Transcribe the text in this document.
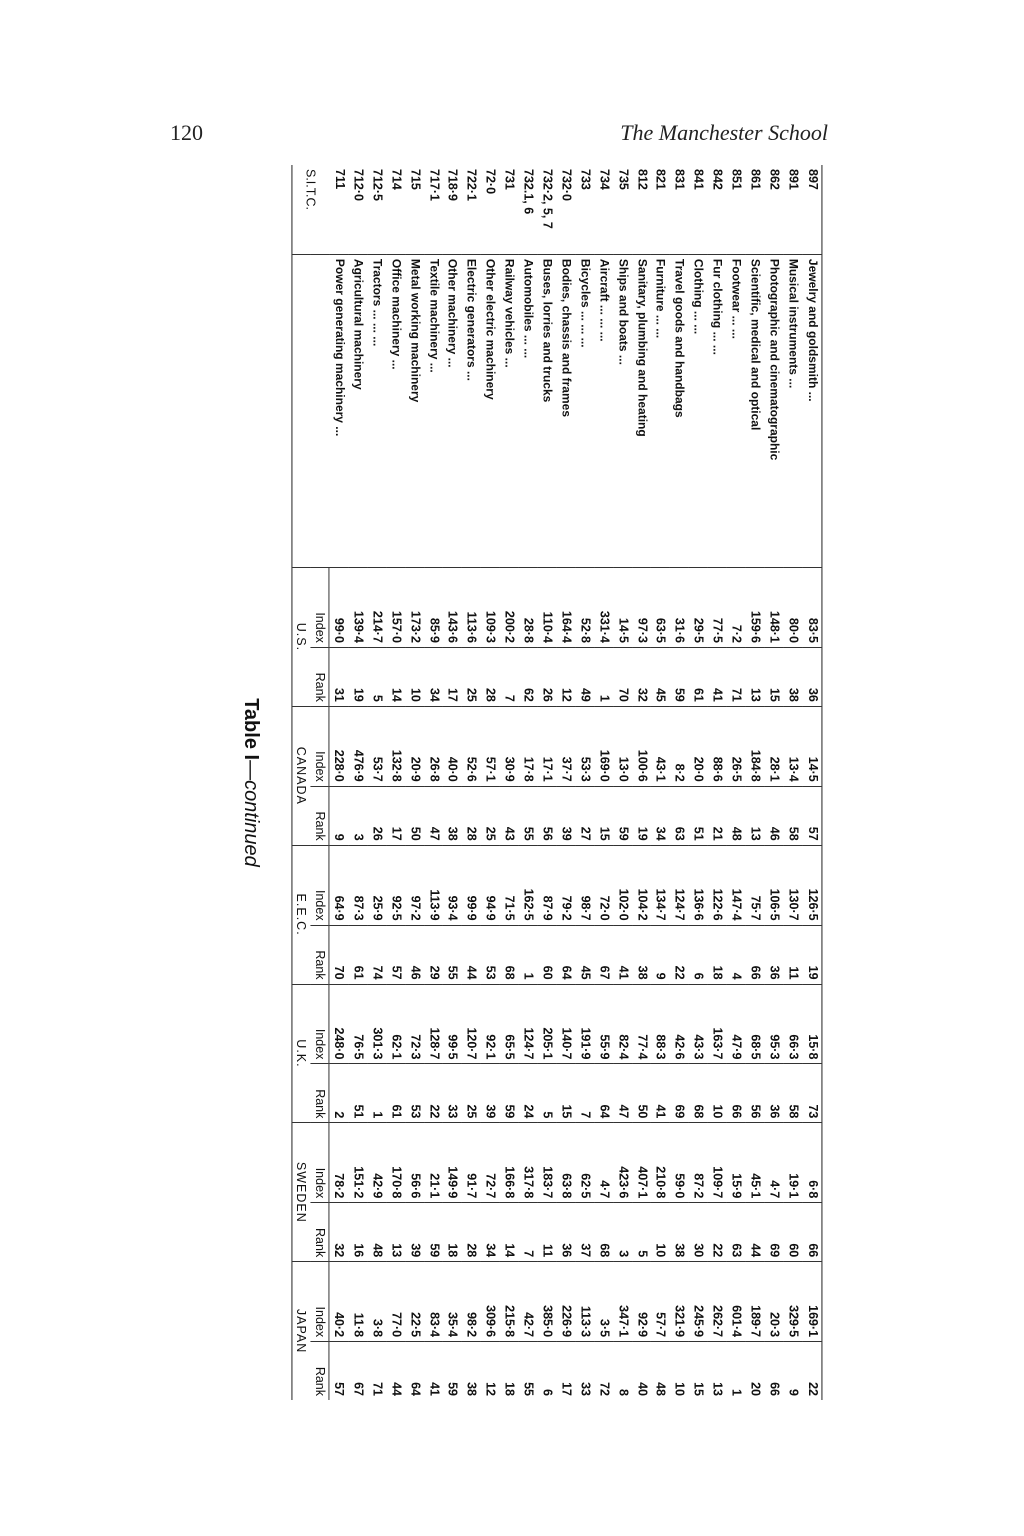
120	The Manchester School
Table I—continued
S.I.T.C.		U.S.		CANADA		E.E.C.		U.K.		SWEDEN		JAPAN	
		Index	Rank	Index	Rank	Index	Rank	Index	Rank	Index	Rank	Index	Rank
711	Power generating machinery ...	99·0	31	228·0	9	64·9	70	248·0	2	78·2	32	40·2	57
712·0	Agricultural machinery	139·4	19	476·9	3	87·3	61	76·5	51	151·2	16	11·8	67
712·5	Tractors ... ... ...	214·7	5	53·7	26	25·9	74	301·3	1	42·9	48	3·8	71
714	Office machinery ...	157·0	14	132·8	17	92·5	57	62·1	61	170·8	13	77·0	44
715	Metal working machinery	173·2	10	20·9	50	97·2	46	72·3	53	56·6	39	22·5	64
717·1	Textile machinery ...	85·9	34	26·8	47	113·9	29	128·7	22	21·1	59	83·4	41
718·9	Other machinery ...	143·6	17	40·0	38	93·4	55	99·5	33	149·9	18	35·4	59
722·1	Electric generators ...	113·6	25	52·6	28	99·9	44	120·7	25	91·7	28	98·2	38
72·0	Other electric machinery	109·3	28	57·1	25	94·9	53	92·1	39	72·7	34	309·6	12
731	Railway vehicles ...	200·2	7	30·9	43	71·5	68	65·5	59	166·8	14	215·8	18
732.1, 6	Automobiles ... ...	28·8	62	17·8	55	162·5	1	124·7	24	317·8	7	42·7	55
732·2, 5, 7	Buses, lorries and trucks	110·4	26	17·1	56	87·9	60	205·1	5	183·7	11	385·0	6
732·0	Bodies, chassis and frames	164·4	12	37·7	39	79·2	64	140·7	15	63·8	36	226·9	17
733	Bicycles ... ... ...	52·8	49	53·3	27	98·7	45	191·9	7	62·5	37	113·3	33
734	Aircraft ... ... ...	331·4	1	169·0	15	72·0	67	55·9	64	4·7	68	3·5	72
735	Ships and boats ...	14·5	70	13·0	59	102·0	41	82·4	47	423·6	3	347·1	8
812	Sanitary, plumbing and heating	97·3	32	100·6	19	104·2	38	77·4	50	407·1	5	92·9	40
821	Furniture ... ...	63·5	45	43·1	34	134·7	9	88·3	41	210·8	10	57·7	48
831	Travel goods and handbags	31·6	59	8·2	63	124·7	22	42·6	69	59·0	38	321·9	10
841	Clothing ... ...	29·5	61	20·0	51	136·6	6	43·3	68	87·2	30	245·9	15
842	Fur clothing ... ...	77·5	41	88·6	21	122·6	18	163·7	10	109·7	22	262·7	13
851	Footwear ... ...	7·2	71	26·5	48	147·4	4	47·9	66	15·9	63	601·4	1
861	Scientific, medical and optical	159·6	13	184·8	13	75·7	66	68·5	56	45·1	44	189·7	20
862	Photographic and cinematographic	148·1	15	28·1	46	106·5	36	95·3	36	4·7	69	20·3	66
891	Musical instruments ...	80·0	38	13·4	58	130·7	11	66·3	58	19·1	60	329·5	9
897	Jewelry and goldsmith ...	83·5	36	14·5	57	126·5	19	15·8	73	6·8	66	169·1	22
